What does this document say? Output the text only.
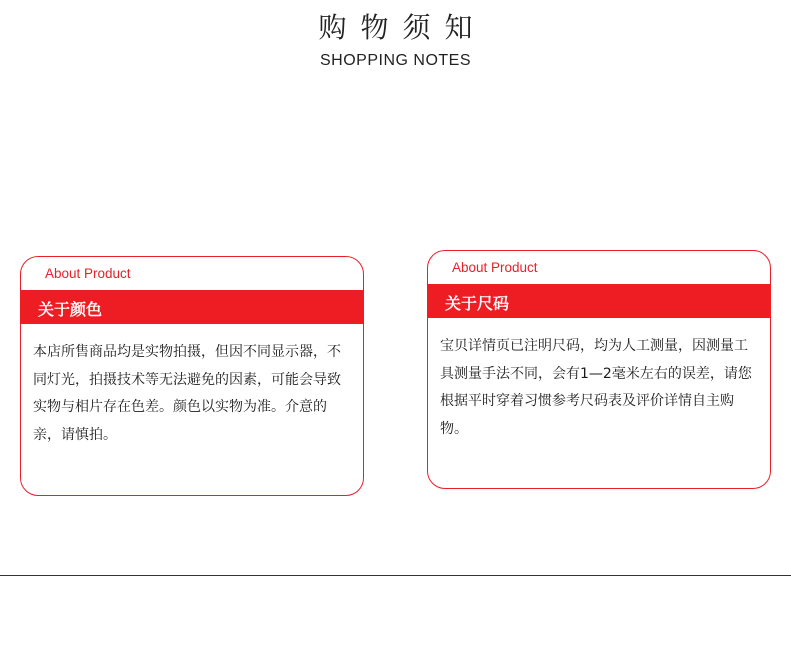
购物须知
SHOPPING NOTES
About Product
关于颜色
本店所售商品均是实物拍摄，但因不同显示器，不同灯光，拍摄技术等无法避免的因素，可能会导致实物与相片存在色差。颜色以实物为准。介意的亲，请慎拍。
About Product
关于尺码
宝贝详情页已注明尺码，均为人工测量，因测量工具测量手法不同，会有1—2毫米左右的误差，请您根据平时穿着习惯参考尺码表及评价详情自主购物。
